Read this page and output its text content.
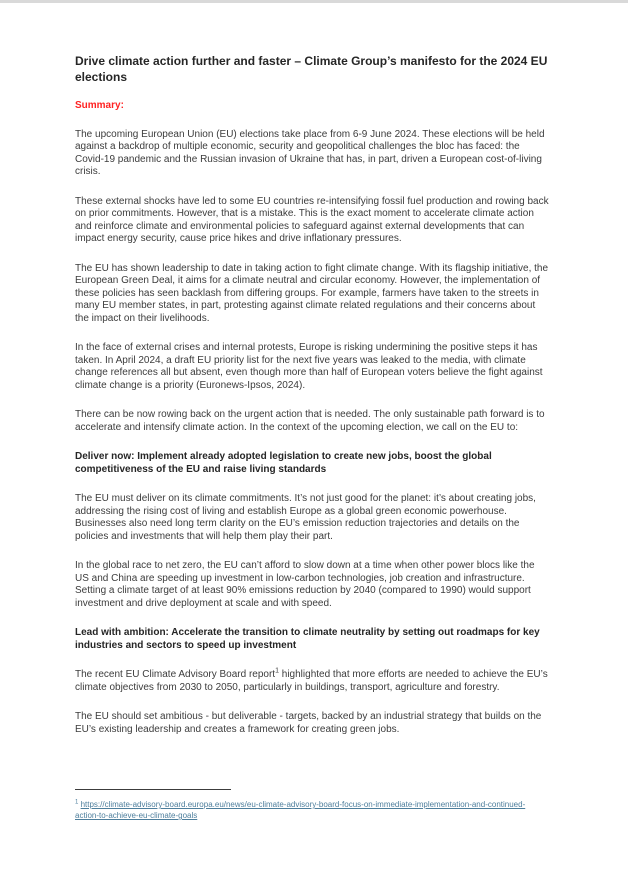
Drive climate action further and faster – Climate Group’s manifesto for the 2024 EU elections
Summary:

The upcoming European Union (EU) elections take place from 6-9 June 2024. These elections will be held against a backdrop of multiple economic, security and geopolitical challenges the bloc has faced: the Covid-19 pandemic and the Russian invasion of Ukraine that has, in part, driven a European cost-of-living crisis.

These external shocks have led to some EU countries re-intensifying fossil fuel production and rowing back on prior commitments. However, that is a mistake. This is the exact moment to accelerate climate action and reinforce climate and environmental policies to safeguard against external developments that can impact energy security, cause price hikes and drive inflationary pressures.

The EU has shown leadership to date in taking action to fight climate change. With its flagship initiative, the European Green Deal, it aims for a climate neutral and circular economy. However, the implementation of these policies has seen backlash from differing groups. For example, farmers have taken to the streets in many EU member states, in part, protesting against climate related regulations and their concerns about the impact on their livelihoods.

In the face of external crises and internal protests, Europe is risking undermining the positive steps it has taken. In April 2024, a draft EU priority list for the next five years was leaked to the media, with climate change references all but absent, even though more than half of European voters believe the fight against climate change is a priority (Euronews-Ipsos, 2024).

There can be now rowing back on the urgent action that is needed. The only sustainable path forward is to accelerate and intensify climate action. In the context of the upcoming election, we call on the EU to:

Deliver now: Implement already adopted legislation to create new jobs, boost the global competitiveness of the EU and raise living standards

The EU must deliver on its climate commitments. It’s not just good for the planet: it’s about creating jobs, addressing the rising cost of living and establish Europe as a global green economic powerhouse. Businesses also need long term clarity on the EU’s emission reduction trajectories and details on the policies and investments that will help them play their part.

In the global race to net zero, the EU can’t afford to slow down at a time when other power blocs like the US and China are speeding up investment in low-carbon technologies, job creation and infrastructure. Setting a climate target of at least 90% emissions reduction by 2040 (compared to 1990) would support investment and drive deployment at scale and with speed.

Lead with ambition: Accelerate the transition to climate neutrality by setting out roadmaps for key industries and sectors to speed up investment

The recent EU Climate Advisory Board report$^1$ highlighted that more efforts are needed to achieve the EU’s climate objectives from 2030 to 2050, particularly in buildings, transport, agriculture and forestry.

The EU should set ambitious - but deliverable - targets, backed by an industrial strategy that builds on the EU’s existing leadership and creates a framework for creating green jobs.

$^1$ https://climate-advisory-board.europa.eu/news/eu-climate-advisory-board-focus-on-immediate-implementation-and-continued-action-to-achieve-eu-climate-goals
